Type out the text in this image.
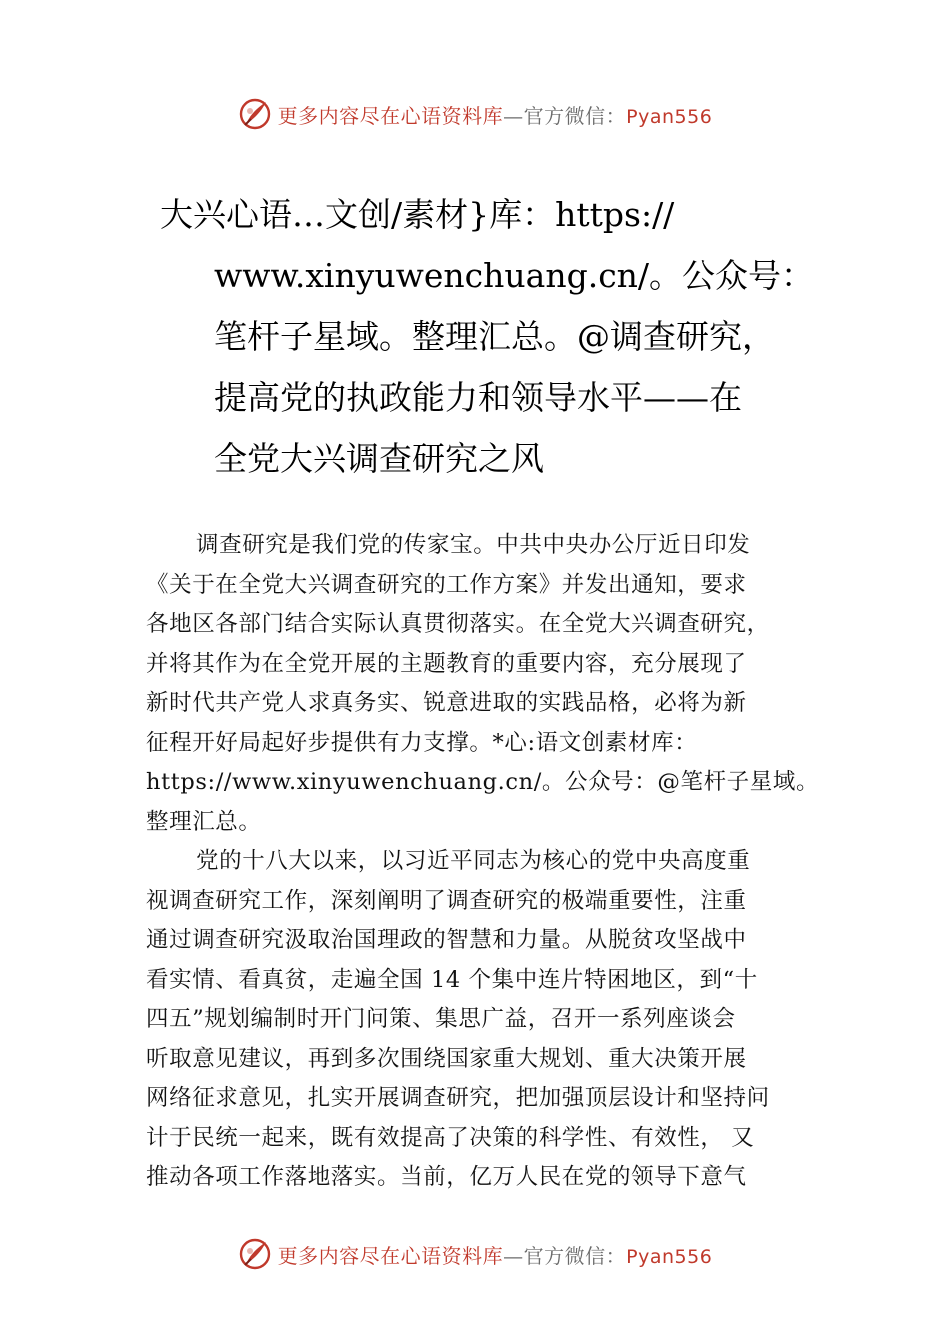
更多内容尽在心语资料库—官方微信：Pyan556
大兴心语…文创/素材}库：https://
www.xinyuwenchuang.cn/。公众号：
笔杆子星域。整理汇总。@调查研究，
提高党的执政能力和领导水平——在
全党大兴调查研究之风
调查研究是我们党的传家宝。中共中央办公厅近日印发
《关于在全党大兴调查研究的工作方案》并发出通知，要求
各地区各部门结合实际认真贯彻落实。在全党大兴调查研究，
并将其作为在全党开展的主题教育的重要内容，充分展现了
新时代共产党人求真务实、锐意进取的实践品格，必将为新
征程开好局起好步提供有力支撑。*心:语文创素材库：
https://www.xinyuwenchuang.cn/。公众号：@笔杆子星域。
整理汇总。
党的十八大以来，以习近平同志为核心的党中央高度重
视调查研究工作，深刻阐明了调查研究的极端重要性，注重
通过调查研究汲取治国理政的智慧和力量。从脱贫攻坚战中
看实情、看真贫，走遍全国 14 个集中连片特困地区，到“十
四五”规划编制时开门问策、集思广益，召开一系列座谈会
听取意见建议，再到多次围绕国家重大规划、重大决策开展
网络征求意见，扎实开展调查研究，把加强顶层设计和坚持问
计于民统一起来，既有效提高了决策的科学性、有效性， 又
推动各项工作落地落实。当前，亿万人民在党的领导下意气
更多内容尽在心语资料库—官方微信：Pyan556
